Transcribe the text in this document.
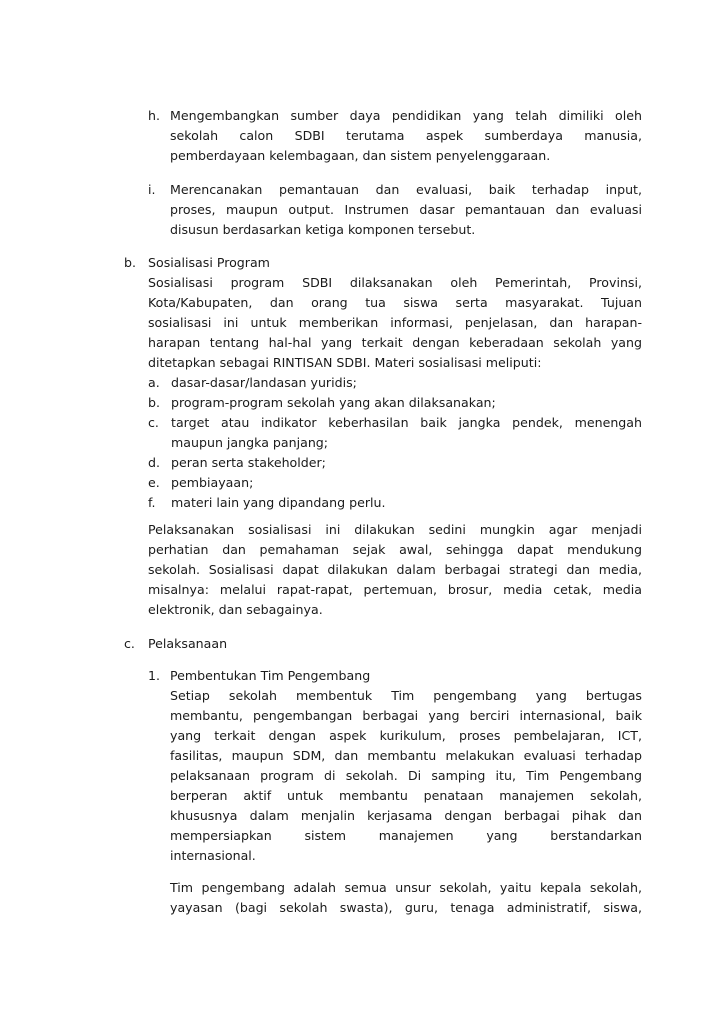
h. Mengembangkan sumber daya pendidikan yang telah dimiliki oleh
sekolah calon SDBI terutama aspek sumberdaya manusia,
pemberdayaan kelembagaan, dan sistem penyelenggaraan.
i. Merencanakan pemantauan dan evaluasi, baik terhadap input,
proses, maupun output. Instrumen dasar pemantauan dan evaluasi
disusun berdasarkan ketiga komponen tersebut.
b. Sosialisasi Program
Sosialisasi program SDBI dilaksanakan oleh Pemerintah, Provinsi,
Kota/Kabupaten, dan orang tua siswa serta masyarakat. Tujuan
sosialisasi ini untuk memberikan informasi, penjelasan, dan harapan-
harapan tentang hal-hal yang terkait dengan keberadaan sekolah yang
ditetapkan sebagai RINTISAN SDBI. Materi sosialisasi meliputi:
a. dasar-dasar/landasan yuridis;
b. program-program sekolah yang akan dilaksanakan;
c. target atau indikator keberhasilan baik jangka pendek, menengah
maupun jangka panjang;
d. peran serta stakeholder;
e. pembiayaan;
f. materi lain yang dipandang perlu.
Pelaksanakan sosialisasi ini dilakukan sedini mungkin agar menjadi
perhatian dan pemahaman sejak awal, sehingga dapat mendukung
sekolah. Sosialisasi dapat dilakukan dalam berbagai strategi dan media,
misalnya: melalui rapat-rapat, pertemuan, brosur, media cetak, media
elektronik, dan sebagainya.
c. Pelaksanaan
1. Pembentukan Tim Pengembang
Setiap sekolah membentuk Tim pengembang yang bertugas
membantu, pengembangan berbagai yang berciri internasional, baik
yang terkait dengan aspek kurikulum, proses pembelajaran, ICT,
fasilitas, maupun SDM, dan membantu melakukan evaluasi terhadap
pelaksanaan program di sekolah. Di samping itu, Tim Pengembang
berperan aktif untuk membantu penataan manajemen sekolah,
khususnya dalam menjalin kerjasama dengan berbagai pihak dan
mempersiapkan sistem manajemen yang berstandarkan
internasional.
Tim pengembang adalah semua unsur sekolah, yaitu kepala sekolah,
yayasan (bagi sekolah swasta), guru, tenaga administratif, siswa,
